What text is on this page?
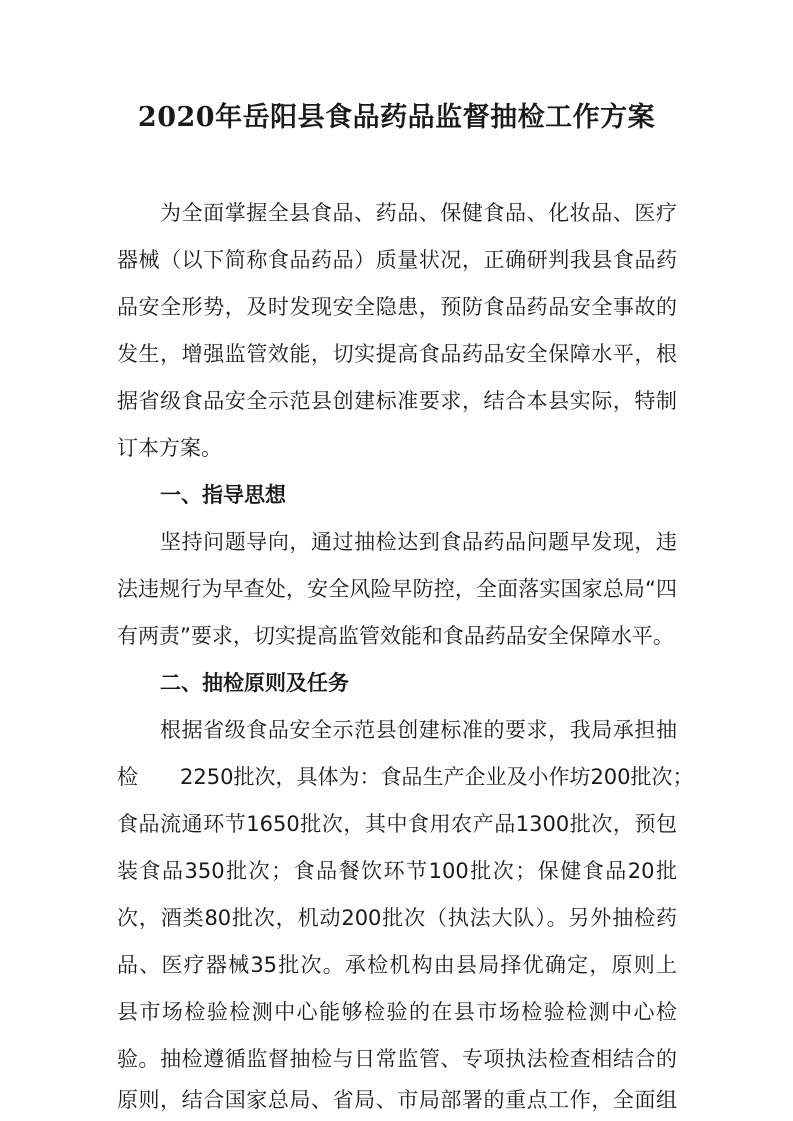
2020年岳阳县食品药品监督抽检工作方案
为全面掌握全县食品、药品、保健食品、化妆品、医疗
器械（以下简称食品药品）质量状况，正确研判我县食品药
品安全形势，及时发现安全隐患，预防食品药品安全事故的
发生，增强监管效能，切实提高食品药品安全保障水平，根
据省级食品安全示范县创建标准要求，结合本县实际，特制
订本方案。
一、指导思想
坚持问题导向，通过抽检达到食品药品问题早发现，违
法违规行为早查处，安全风险早防控，全面落实国家总局“四
有两责”要求，切实提高监管效能和食品药品安全保障水平。
二、抽检原则及任务
根据省级食品安全示范县创建标准的要求，我局承担抽
检　　2250批次，具体为：食品生产企业及小作坊200批次；
食品流通环节1650批次，其中食用农产品1300批次，预包
装食品350批次；食品餐饮环节100批次；保健食品20批
次，酒类80批次，机动200批次（执法大队）。另外抽检药
品、医疗器械35批次。承检机构由县局择优确定，原则上
县市场检验检测中心能够检验的在县市场检验检测中心检
验。抽检遵循监督抽检与日常监管、专项执法检查相结合的
原则，结合国家总局、省局、市局部署的重点工作，全面组
